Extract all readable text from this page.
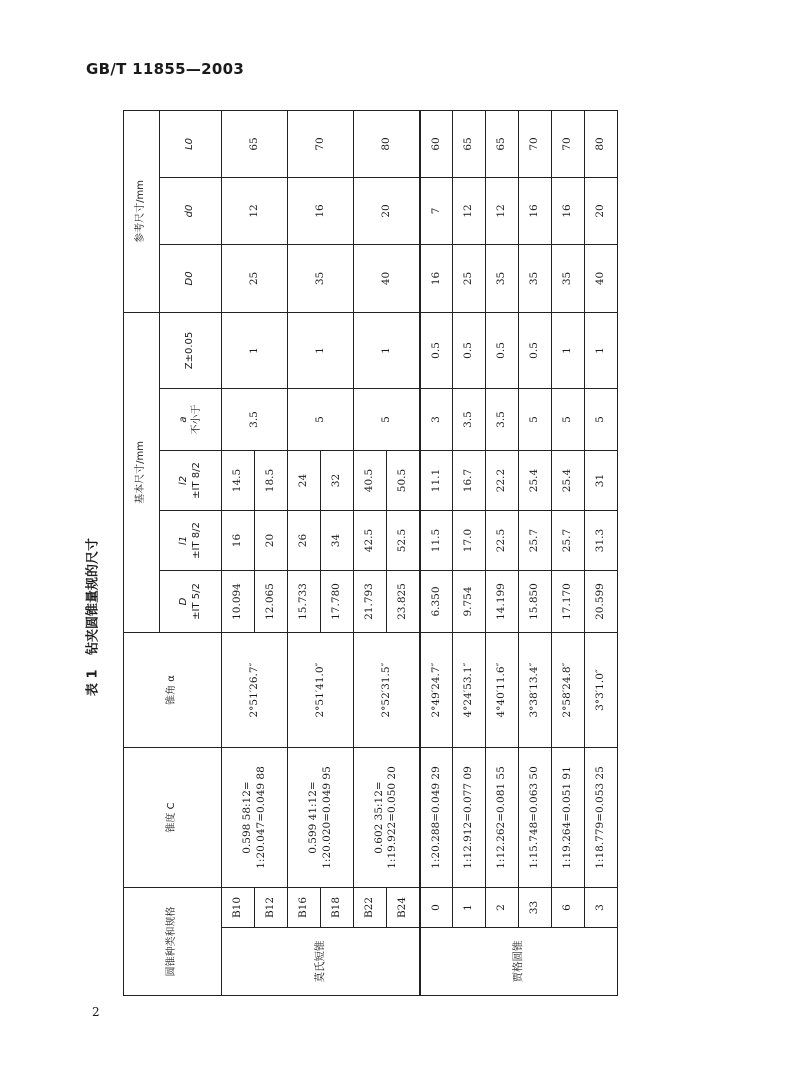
GB/T 11855—2003
表 1 钻夹圆锥量规的尺寸
圆锥种类和规格		锥度 C	锥角 α	基本尺寸/mm					参考尺寸/mm		

				D ±IT 5/2	l1 ±IT 8/2	l2 ±IT 8/2	a 不小于	Z±0.05	D0	d0	L0
莫氏短锥	B10	0.598 58:12= 1:20.047=0.049 88	2°51′26.7″	10.094	16	14.5	3.5	1	25	12	65
	B12			12.065	20	18.5					
	B16	0.599 41:12= 1:20.020=0.049 95	2°51′41.0″	15.733	26	24	5	1	35	16	70
	B18			17.780	34	32					
	B22	0.602 35:12= 1:19.922=0.050 20	2°52′31.5″	21.793	42.5	40.5	5	1	40	20	80
	B24			23.825	52.5	50.5					
贾格圆锥	0	1:20.288=0.049 29	2°49′24.7″	6.350	11.5	11.1	3	0.5	16	7	60
	1	1:12.912=0.077 09	4°24′53.1″	9.754	17.0	16.7	3.5	0.5	25	12	65
	2	1:12.262=0.081 55	4°40′11.6″	14.199	22.5	22.2	3.5	0.5	35	12	65
	33	1:15.748=0.063 50	3°38′13.4″	15.850	25.7	25.4	5	0.5	35	16	70
	6	1:19.264=0.051 91	2°58′24.8″	17.170	25.7	25.4	5	1	35	16	70
	3	1:18.779=0.053 25	3°3′1.0″	20.599	31.3	31	5	1	40	20	80
2
